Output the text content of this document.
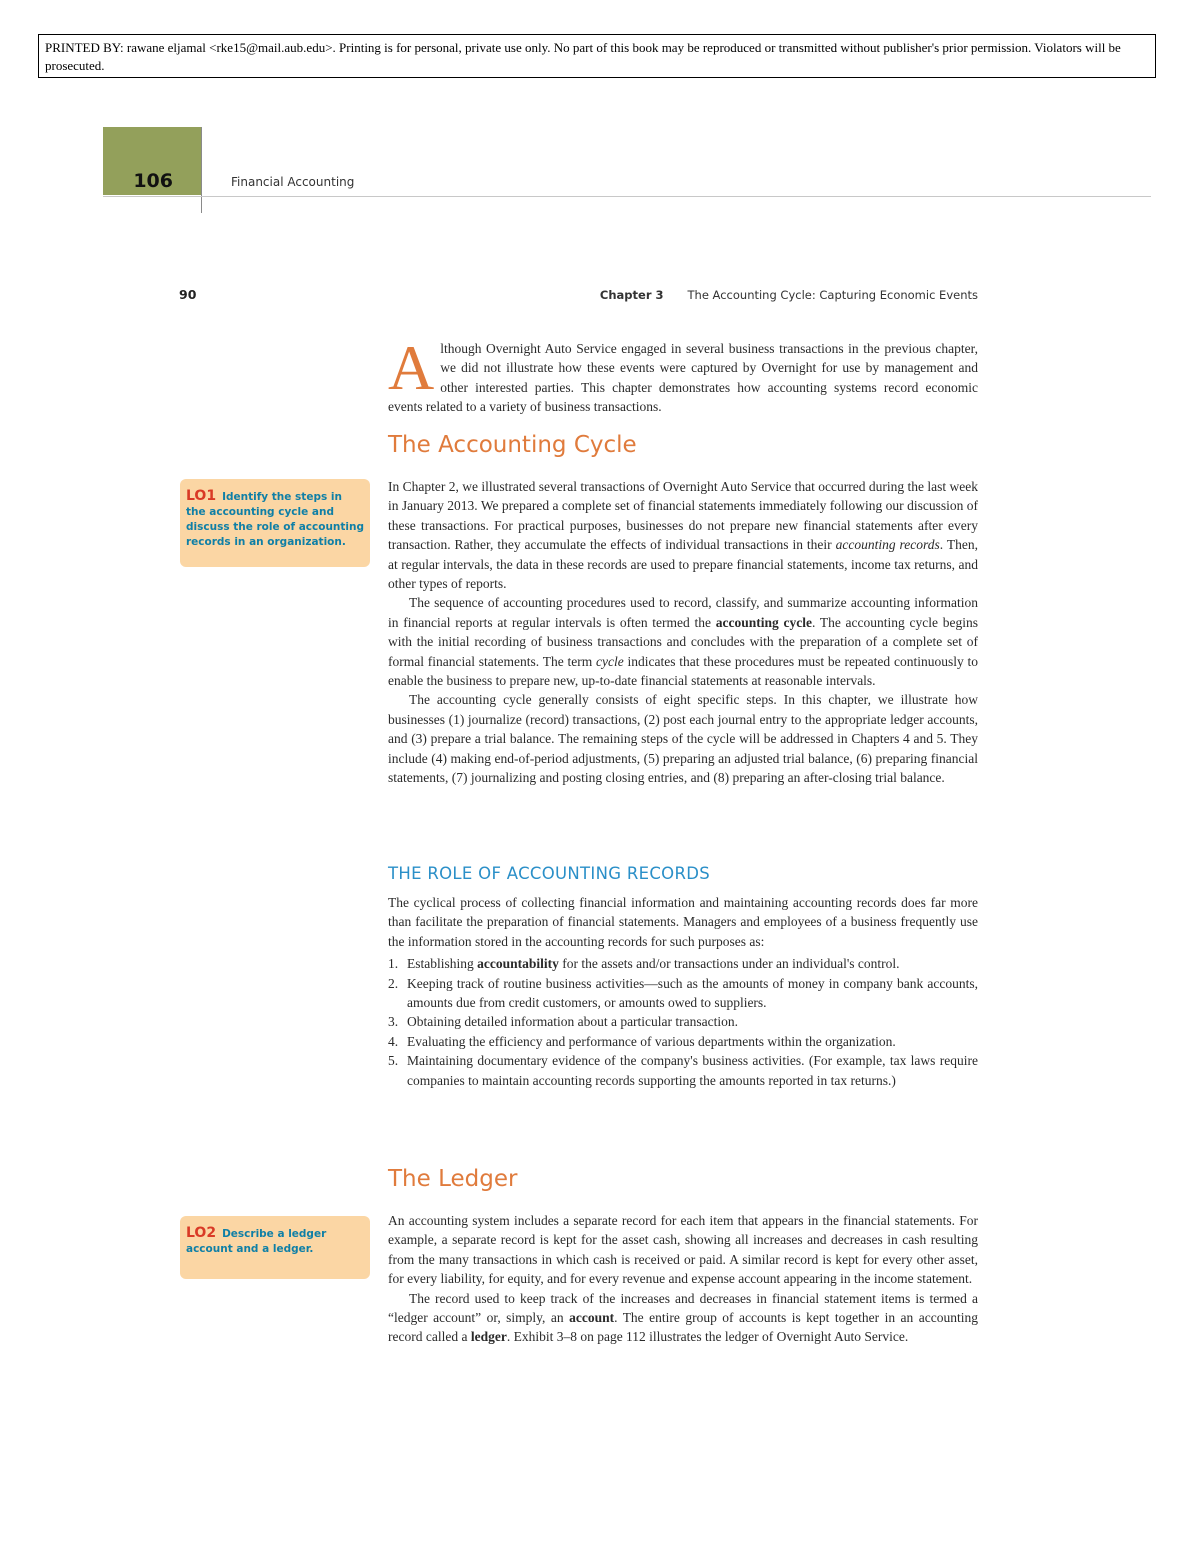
PRINTED BY: rawane eljamal <rke15@mail.aub.edu>. Printing is for personal, private use only. No part of this book may be reproduced or transmitted without publisher's prior permission. Violators will be prosecuted.
106	Financial Accounting
90	Chapter 3 The Accounting Cycle: Capturing Economic Events

Although Overnight Auto Service engaged in several business transactions in the previous chapter, we did not illustrate how these events were captured by Overnight for use by management and other interested parties. This chapter demonstrates how accounting systems record economic events related to a variety of business transactions.

The Accounting Cycle
LO1 Identify the steps in the accounting cycle and discuss the role of accounting records in an organization.

In Chapter 2, we illustrated several transactions of Overnight Auto Service that occurred during the last week in January 2013. We prepared a complete set of financial statements immediately following our discussion of these transactions. For practical purposes, businesses do not prepare new financial statements after every transaction. Rather, they accumulate the effects of individual transactions in their accounting records. Then, at regular intervals, the data in these records are used to prepare financial statements, income tax returns, and other types of reports.

The sequence of accounting procedures used to record, classify, and summarize accounting information in financial reports at regular intervals is often termed the accounting cycle. The accounting cycle begins with the initial recording of business transactions and concludes with the preparation of a complete set of formal financial statements. The term cycle indicates that these procedures must be repeated continuously to enable the business to prepare new, up-to-date financial statements at reasonable intervals.

The accounting cycle generally consists of eight specific steps. In this chapter, we illustrate how businesses (1) journalize (record) transactions, (2) post each journal entry to the appropriate ledger accounts, and (3) prepare a trial balance. The remaining steps of the cycle will be addressed in Chapters 4 and 5. They include (4) making end-of-period adjustments, (5) preparing an adjusted trial balance, (6) preparing financial statements, (7) journalizing and posting closing entries, and (8) preparing an after-closing trial balance.

THE ROLE OF ACCOUNTING RECORDS

The cyclical process of collecting financial information and maintaining accounting records does far more than facilitate the preparation of financial statements. Managers and employees of a business frequently use the information stored in the accounting records for such purposes as:

1. Establishing accountability for the assets and/or transactions under an individual's control.
2. Keeping track of routine business activities—such as the amounts of money in company bank accounts, amounts due from credit customers, or amounts owed to suppliers.
3. Obtaining detailed information about a particular transaction.
4. Evaluating the efficiency and performance of various departments within the organization.
5. Maintaining documentary evidence of the company's business activities. (For example, tax laws require companies to maintain accounting records supporting the amounts reported in tax returns.)
The Ledger
LO2 Describe a ledger account and a ledger.

An accounting system includes a separate record for each item that appears in the financial statements. For example, a separate record is kept for the asset cash, showing all increases and decreases in cash resulting from the many transactions in which cash is received or paid. A similar record is kept for every other asset, for every liability, for equity, and for every revenue and expense account appearing in the income statement.

The record used to keep track of the increases and decreases in financial statement items is termed a “ledger account” or, simply, an account. The entire group of accounts is kept together in an accounting record called a ledger. Exhibit 3–8 on page 112 illustrates the ledger of Overnight Auto Service.
